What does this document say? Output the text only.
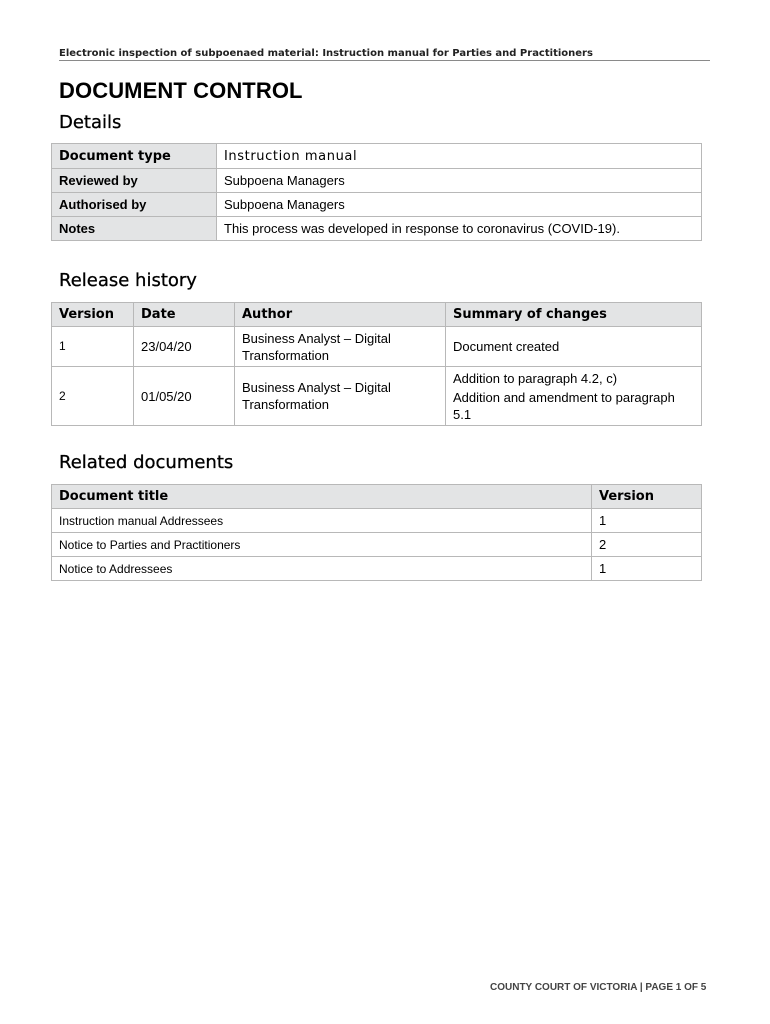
Electronic inspection of subpoenaed material: Instruction manual for Parties and Practitioners
DOCUMENT CONTROL
Details
Document type	Instruction manual
Reviewed by	Subpoena Managers
Authorised by	Subpoena Managers
Notes	This process was developed in response to coronavirus (COVID-19).
Release history
Version	Date	Author	Summary of changes
1	23/04/20	Business Analyst – Digital Transformation	Document created

2	01/05/20	Business Analyst – Digital Transformation	Addition to paragraph 4.2, c)
Addition and amendment to paragraph 5.1
Related documents
Document title	Version
Instruction manual Addressees	1
Notice to Parties and Practitioners	2
Notice to Addressees	1
COUNTY COURT OF VICTORIA | PAGE 1 OF 5
